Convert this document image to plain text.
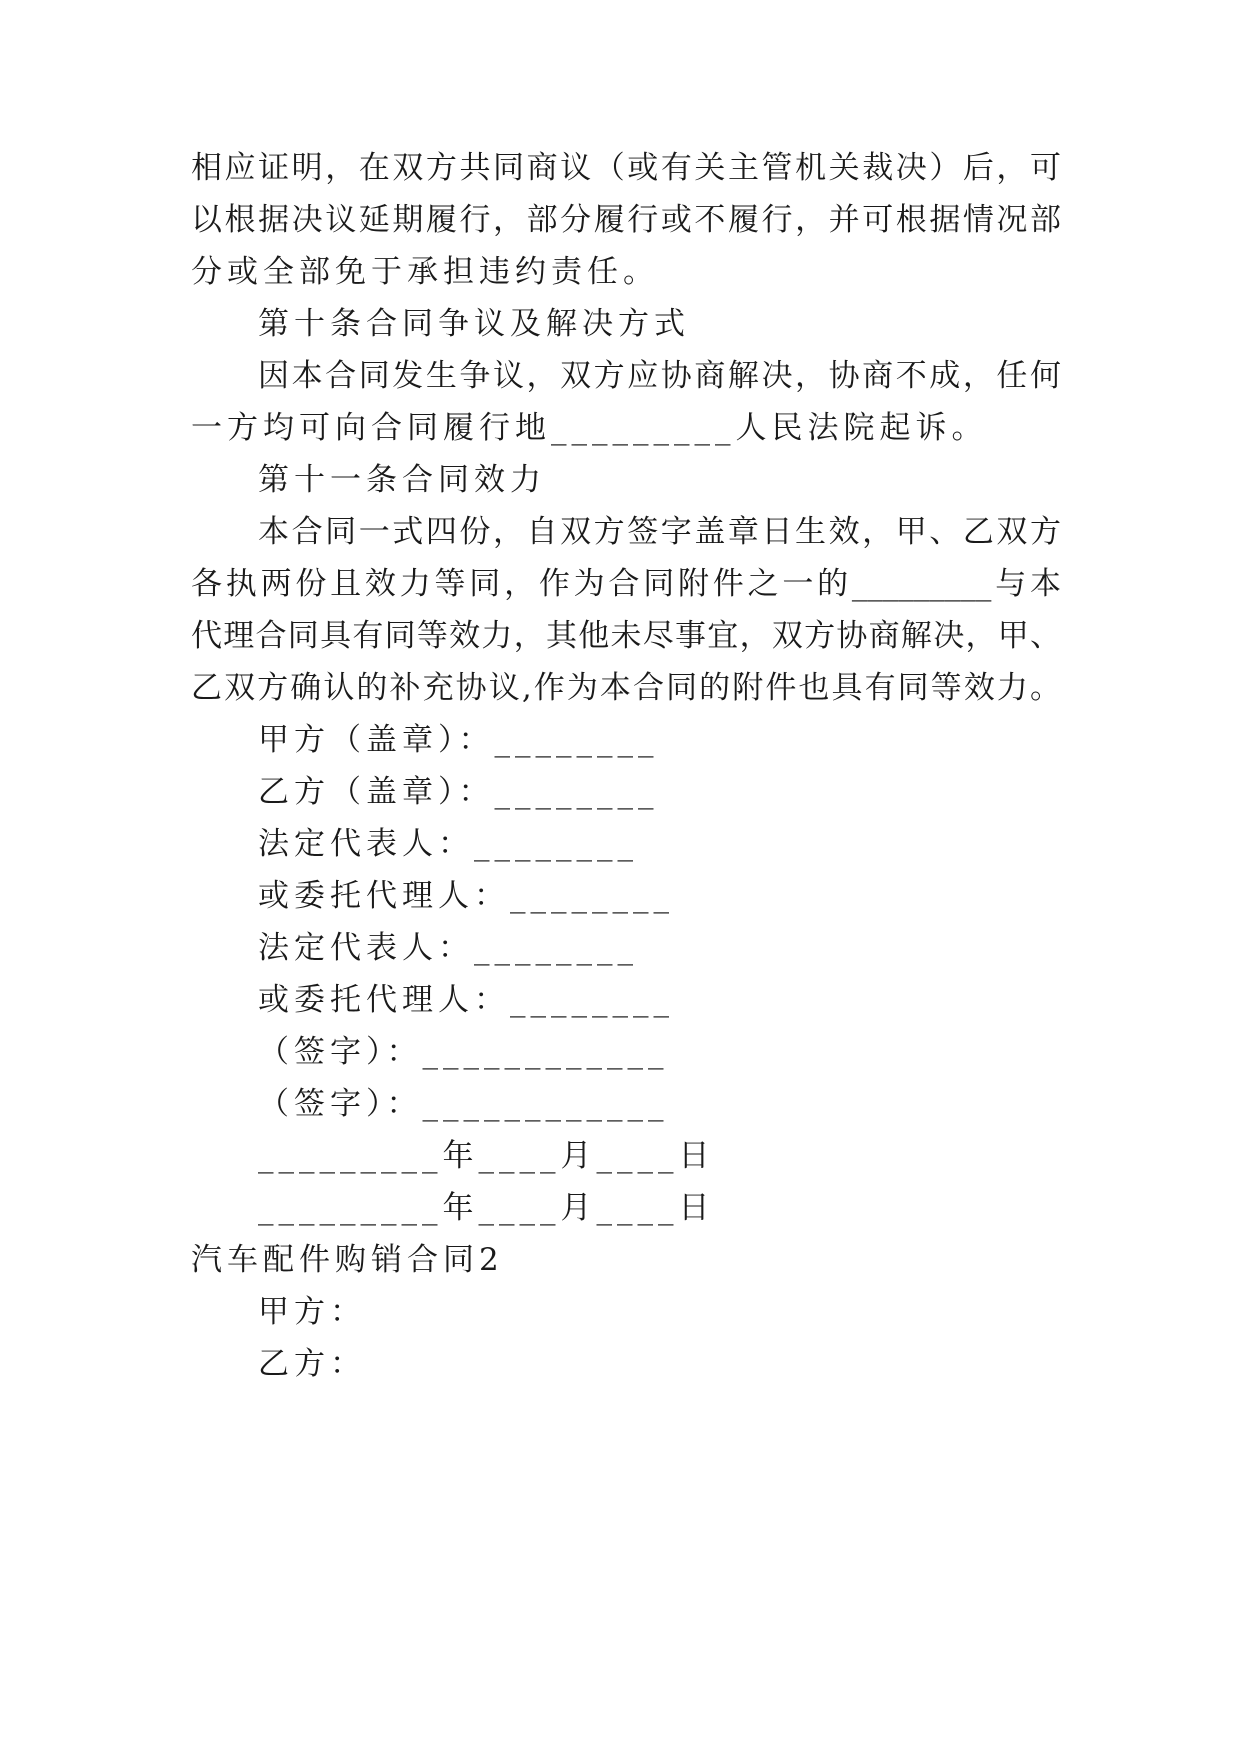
相应证明，在双方共同商议（或有关主管机关裁决）后，可
以根据决议延期履行，部分履行或不履行，并可根据情况部
分或全部免于承担违约责任。
第十条合同争议及解决方式
因本合同发生争议，双方应协商解决，协商不成，任何
一方均可向合同履行地_________人民法院起诉。
第十一条合同效力
本合同一式四份，自双方签字盖章日生效，甲、乙双方
各执两份且效力等同，作为合同附件之一的_________与本
代理合同具有同等效力，其他未尽事宜，双方协商解决，甲、
乙双方确认的补充协议,作为本合同的附件也具有同等效力。
甲方（盖章）：________
乙方（盖章）：________
法定代表人：________
或委托代理人：________
法定代表人：________
或委托代理人：________
（签字）：____________
（签字）：____________
_________年____月____日
_________年____月____日
汽车配件购销合同2
甲方：
乙方：
